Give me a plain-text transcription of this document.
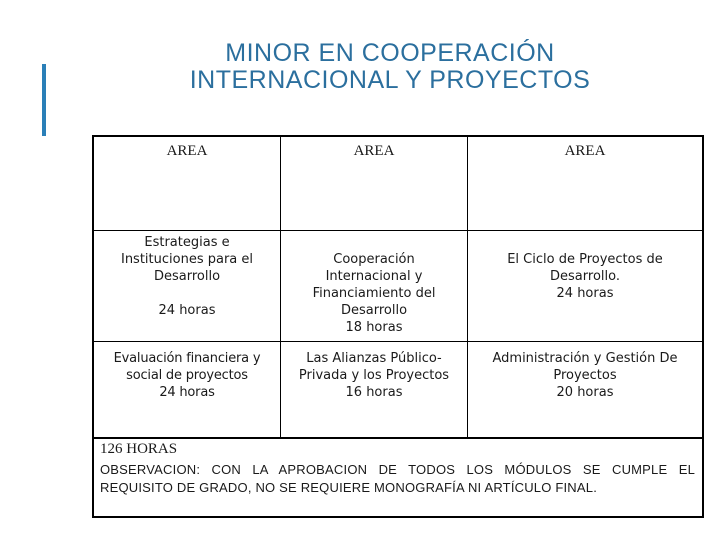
MINOR EN COOPERACIÓN
INTERNACIONAL Y PROYECTOS
AREA	AREA	AREA
Estrategias e
Instituciones para el
Desarrollo
24 horas
Cooperación
Internacional y
Financiamiento del
Desarrollo
18 horas
El Ciclo de Proyectos de
Desarrollo.
24 horas
Evaluación financiera y
social de proyectos
24 horas
Las Alianzas Público-
Privada y los Proyectos
16 horas
Administración y Gestión De
Proyectos
20 horas
126 HORAS
OBSERVACION: CON LA APROBACION DE TODOS LOS MÓDULOS SE CUMPLE EL
REQUISITO DE GRADO, NO SE REQUIERE MONOGRAFÍA NI ARTÍCULO FINAL.
